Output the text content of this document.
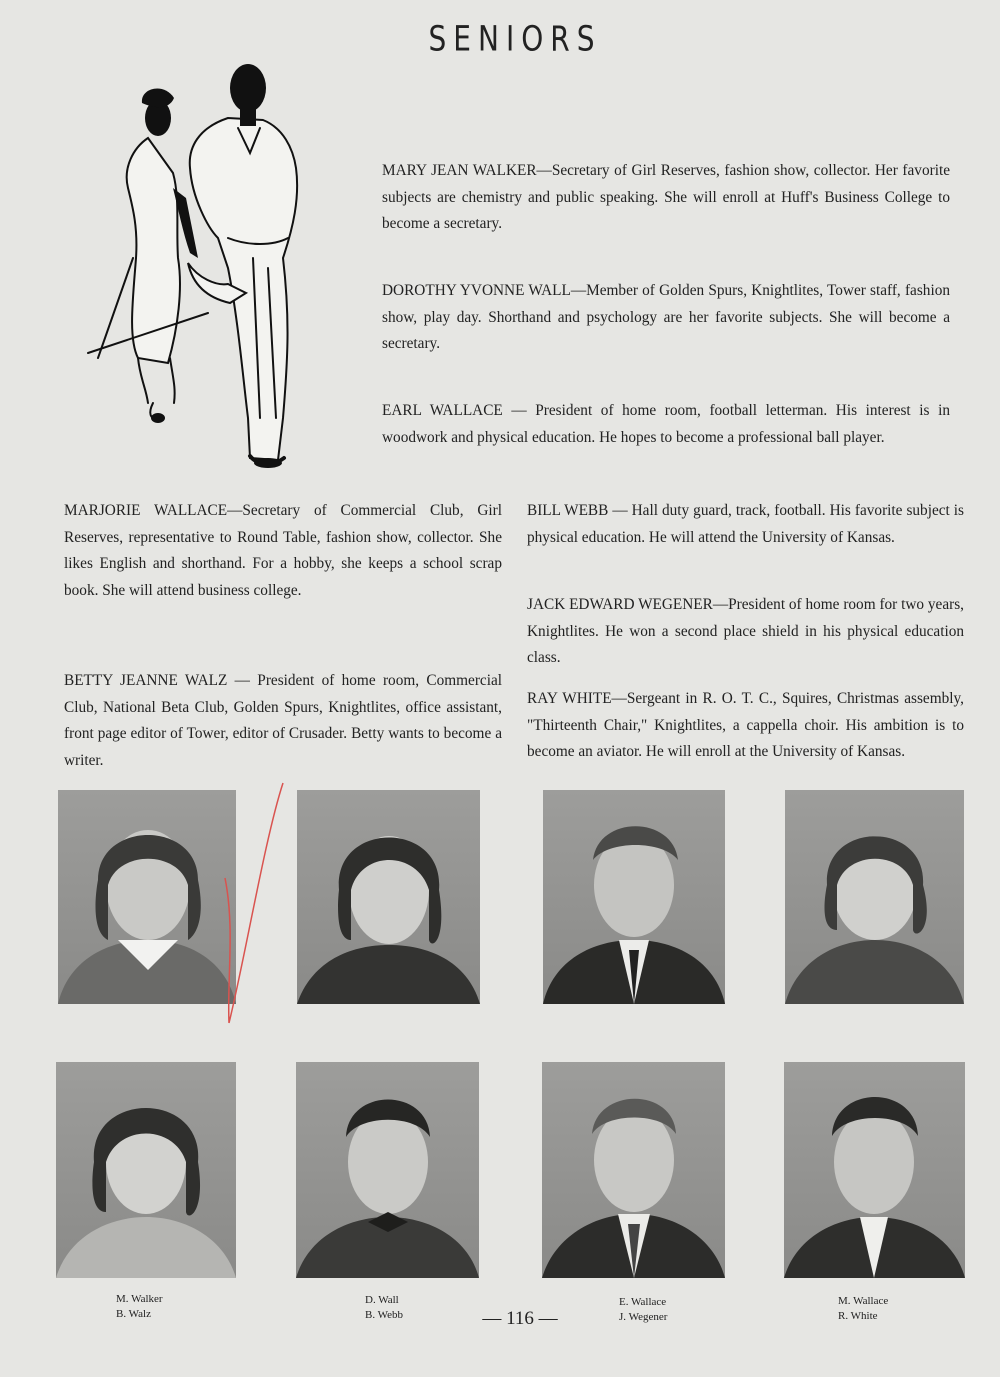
SENIORS
MARY JEAN WALKER—Secretary of Girl Reserves, fashion show, collector. Her favorite subjects are chemistry and public speaking. She will enroll at Huff's Business College to become a secretary.
DOROTHY YVONNE WALL—Member of Golden Spurs, Knightlites, Tower staff, fashion show, play day. Shorthand and psychology are her favorite subjects. She will become a secretary.
EARL WALLACE — President of home room, football letterman. His interest is in woodwork and physical education. He hopes to become a professional ball player.
MARJORIE WALLACE—Secretary of Commercial Club, Girl Reserves, representative to Round Table, fashion show, collector. She likes English and shorthand. For a hobby, she keeps a school scrap book. She will attend business college.
BETTY JEANNE WALZ — President of home room, Commercial Club, National Beta Club, Golden Spurs, Knightlites, office assistant, front page editor of Tower, editor of Crusader. Betty wants to become a writer.
BILL WEBB — Hall duty guard, track, football. His favorite subject is physical education. He will attend the University of Kansas.
JACK EDWARD WEGENER—President of home room for two years, Knightlites. He won a second place shield in his physical education class.
RAY WHITE—Sergeant in R. O. T. C., Squires, Christmas assembly, "Thirteenth Chair," Knightlites, a cappella choir. His ambition is to become an aviator. He will enroll at the University of Kansas.
M. Walker
B. Walz
D. Wall
B. Webb
E. Wallace
J. Wegener
M. Wallace
R. White
— 116 —
